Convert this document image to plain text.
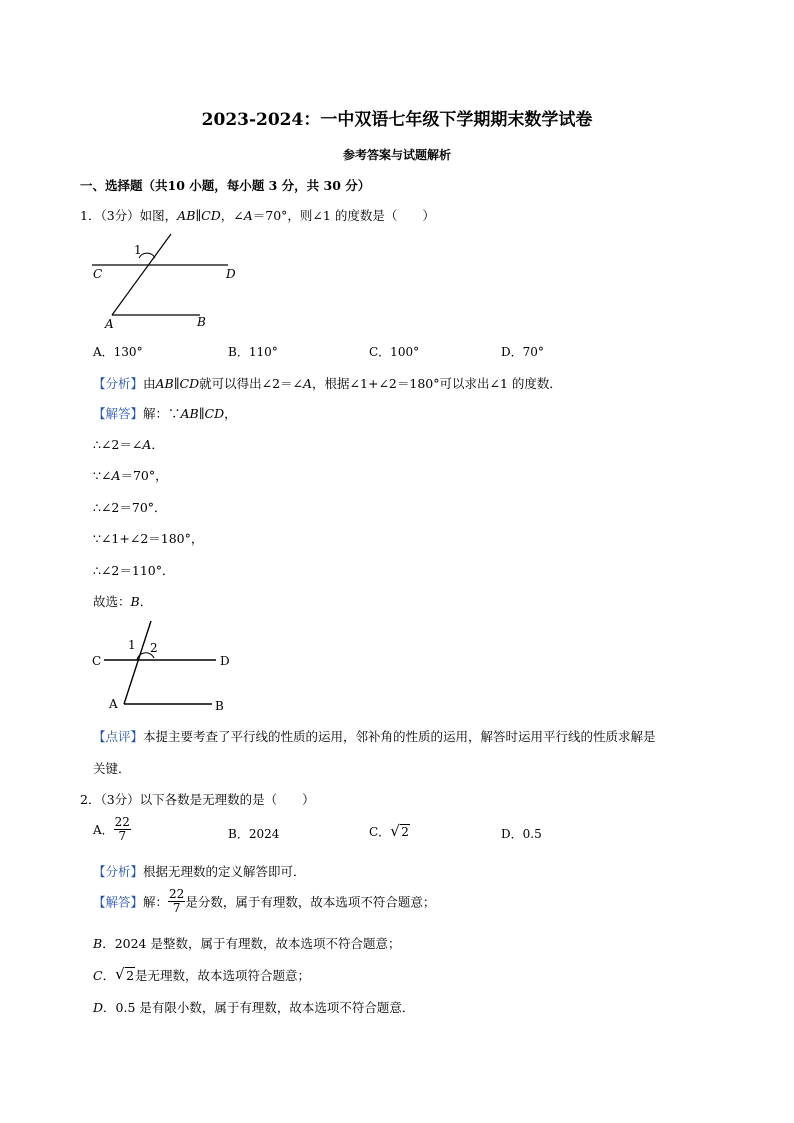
2023-2024：一中双语七年级下学期期末数学试卷
参考答案与试题解析
一、选择题（共10 小题，每小题 3 分，共 30 分）
1．（3分）如图，AB∥CD，∠A＝70°，则∠1 的度数是（　　）
1
C	D
A	B
A．130°	B．110°	C．100°	D．70°
【分析】由AB∥CD就可以得出∠2＝∠A，根据∠1+∠2＝180°可以求出∠1 的度数．
【解答】解：∵AB∥CD，
∴∠2＝∠A．
∵∠A＝70°，
∴∠2＝70°．
∵∠1+∠2＝180°，
∴∠2＝110°．
故选：B．
1 2
C	D
A	B
【点评】本提主要考查了平行线的性质的运用，邻补角的性质的运用，解答时运用平行线的性质求解是
关键．
2．（3分）以下各数是无理数的是（　　）
A． $\frac{22}{7}$	B．2024	C． √ 2	D．0.5
【分析】根据无理数的定义解答即可．
【解答】解： $\frac{22}{7}$ 是分数，属于有理数，故本选项不符合题意；
B．2024 是整数，属于有理数，故本选项不符合题意；
C． √ 2是无理数，故本选项符合题意；
D．0.5 是有限小数，属于有理数，故本选项不符合题意．
